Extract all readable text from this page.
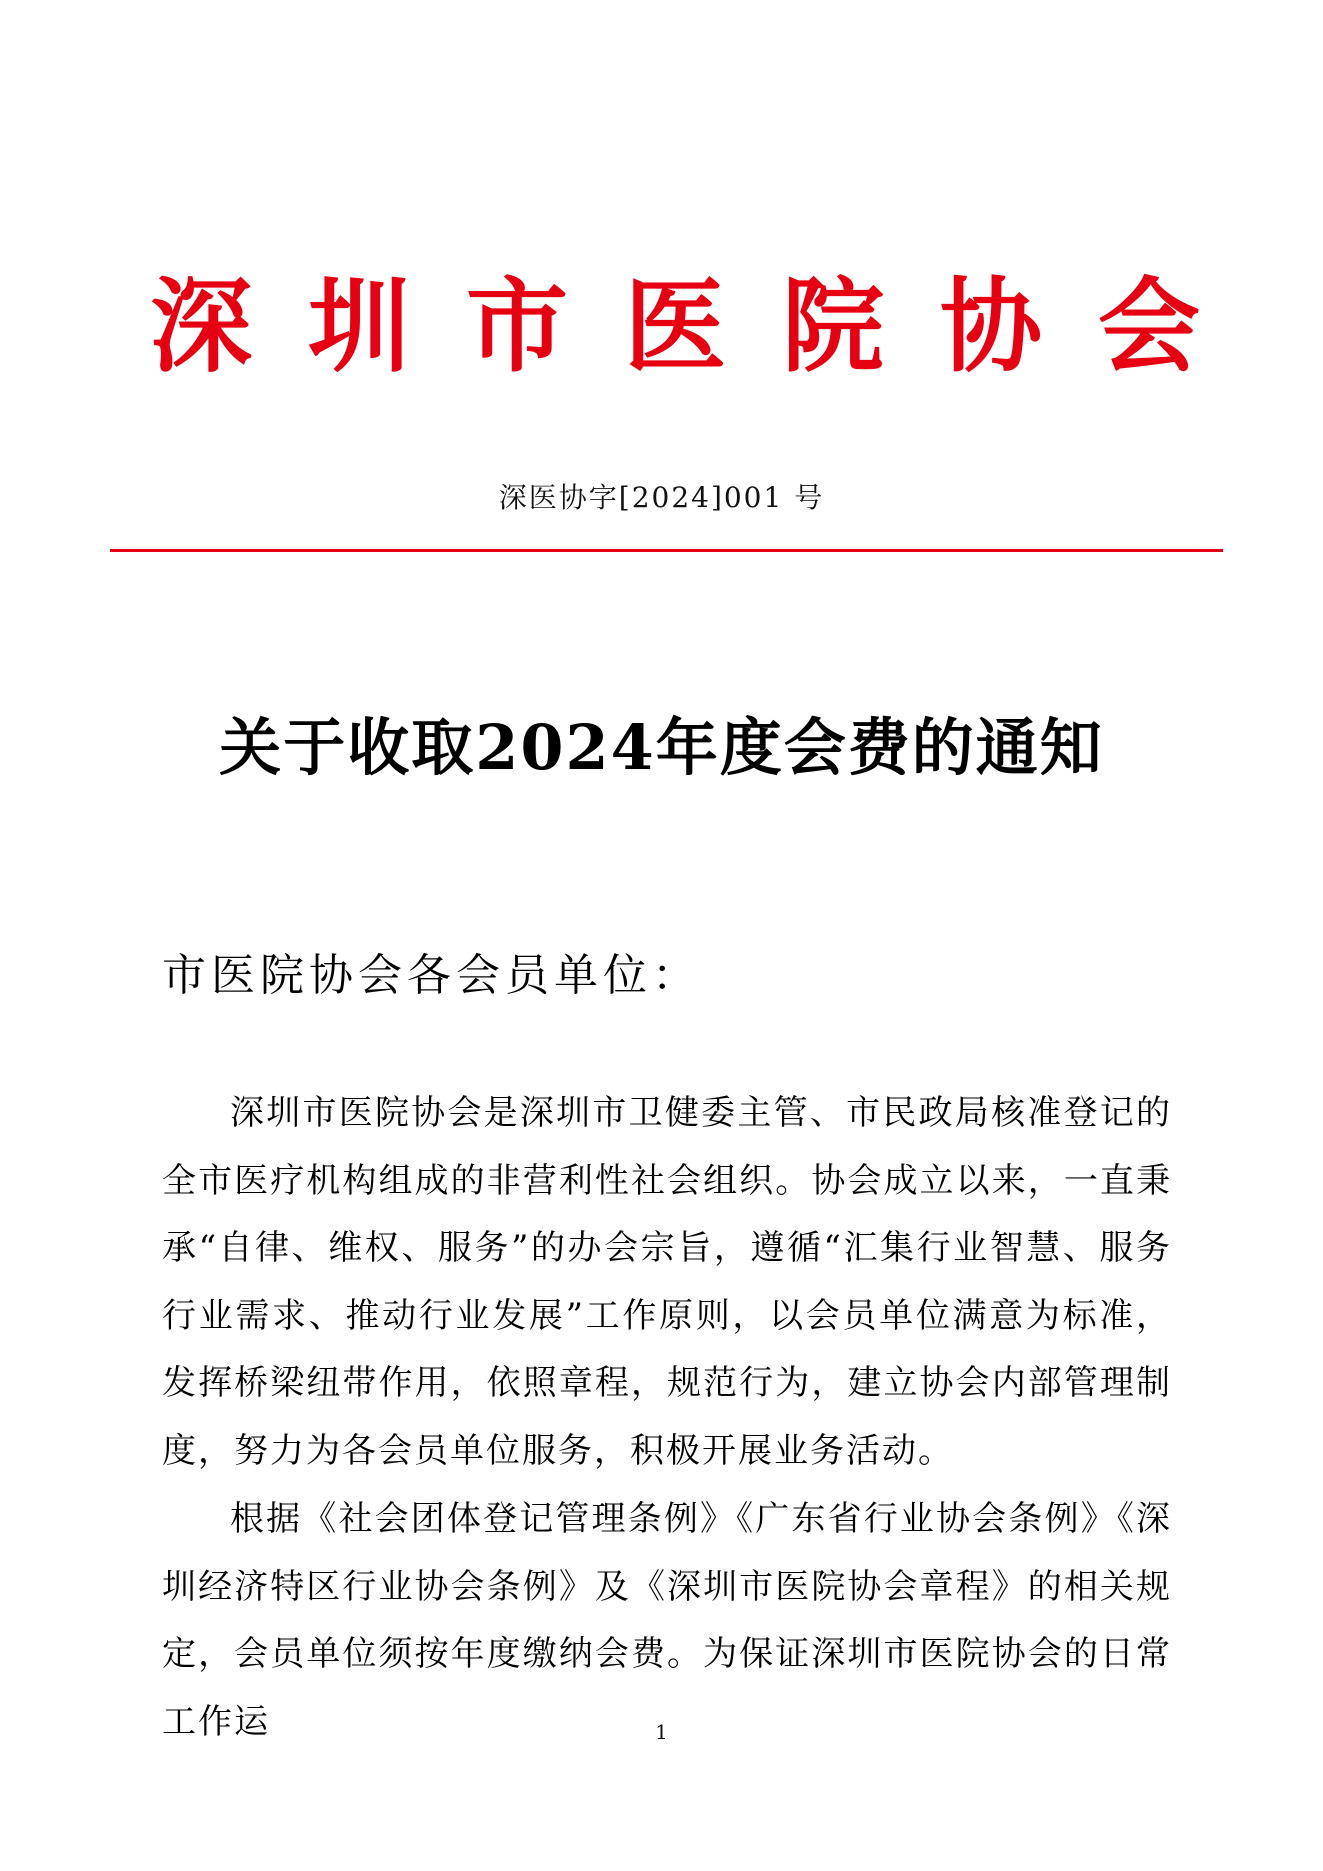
深圳市医院协会
深医协字[2024]001 号
关于收取2024年度会费的通知
市医院协会各会员单位：

深圳市医院协会是深圳市卫健委主管、市民政局核准登记的全市医疗机构组成的非营利性社会组织。协会成立以来，一直秉承“自律、维权、服务”的办会宗旨，遵循“汇集行业智慧、服务行业需求、推动行业发展”工作原则，以会员单位满意为标准，发挥桥梁纽带作用，依照章程，规范行为，建立协会内部管理制度，努力为各会员单位服务，积极开展业务活动。

根据《社会团体登记管理条例》《广东省行业协会条例》《深圳经济特区行业协会条例》及《深圳市医院协会章程》的相关规定，会员单位须按年度缴纳会费。为保证深圳市医院协会的日常工作运	1
